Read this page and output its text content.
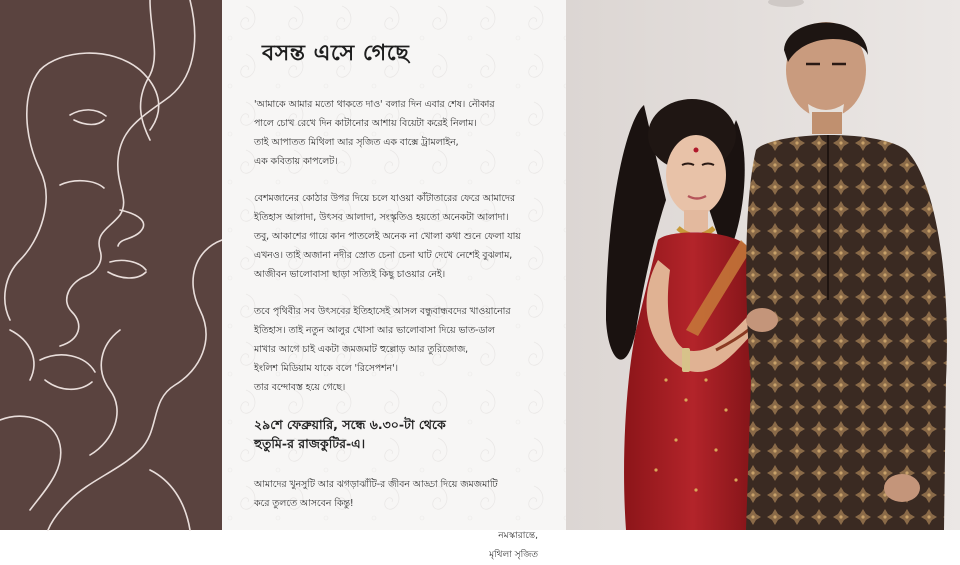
বসন্ত এসে গেছে

'আমাকে আমার মতো থাকতে দাও' বলার দিন এবার শেষ। নৌকার

পালে চোখ রেখে দিন কাটানোর আশায় বিয়েটা করেই নিলাম।

তাই আপাতত মিথিলা আর সৃজিত এক বাক্সে ট্রামলাইন,

এক কবিতায় কাপলেট।

বেশমজানের কোঠার উপর দিয়ে চলে যাওয়া কাঁটাতারের ফেরে আমাদের

ইতিহাস আলাদা, উৎসব আলাদা, সংস্কৃতিও হয়তো অনেকটা আলাদা।

তবু, আকাশের গায়ে কান পাতলেই অনেক না খোলা কথা শুনে ফেলা যায়

এখনও। তাই অজানা নদীর স্রোত চেনা চেনা ঘাট দেখে নেশেই বুঝলাম,

আজীবন ভালোবাসা ছাড়া সত্যিই কিছু চাওয়ার নেই।

তবে পৃথিবীর সব উৎসবের ইতিহাসেই আসল বন্ধুবান্ধবদের খাওয়ানোর

ইতিহাস। তাই নতুন আলুর খোসা আর ভালোবাসা দিয়ে ভাত-ডাল

মাখার আগে চাই একটা জমজমাট হুল্লোড় আর তুরিজোজ,

ইংলিশ মিডিয়াম যাকে বলে 'রিসেপশন'।

তার বন্দোবস্ত হয়ে গেছে।

২৯শে ফেব্রুয়ারি, সন্ধে ৬.৩০-টা থেকে

হুতুমি-র রাজকুটির-এ।

আমাদের খুনসুটি আর ঝগড়াঝাঁটি-র জীবন আড্ডা দিয়ে জমজমাটি

করে তুলতে আসবেন কিন্তু!

নমস্কারান্তে,

মৃথিলা সৃজিত
